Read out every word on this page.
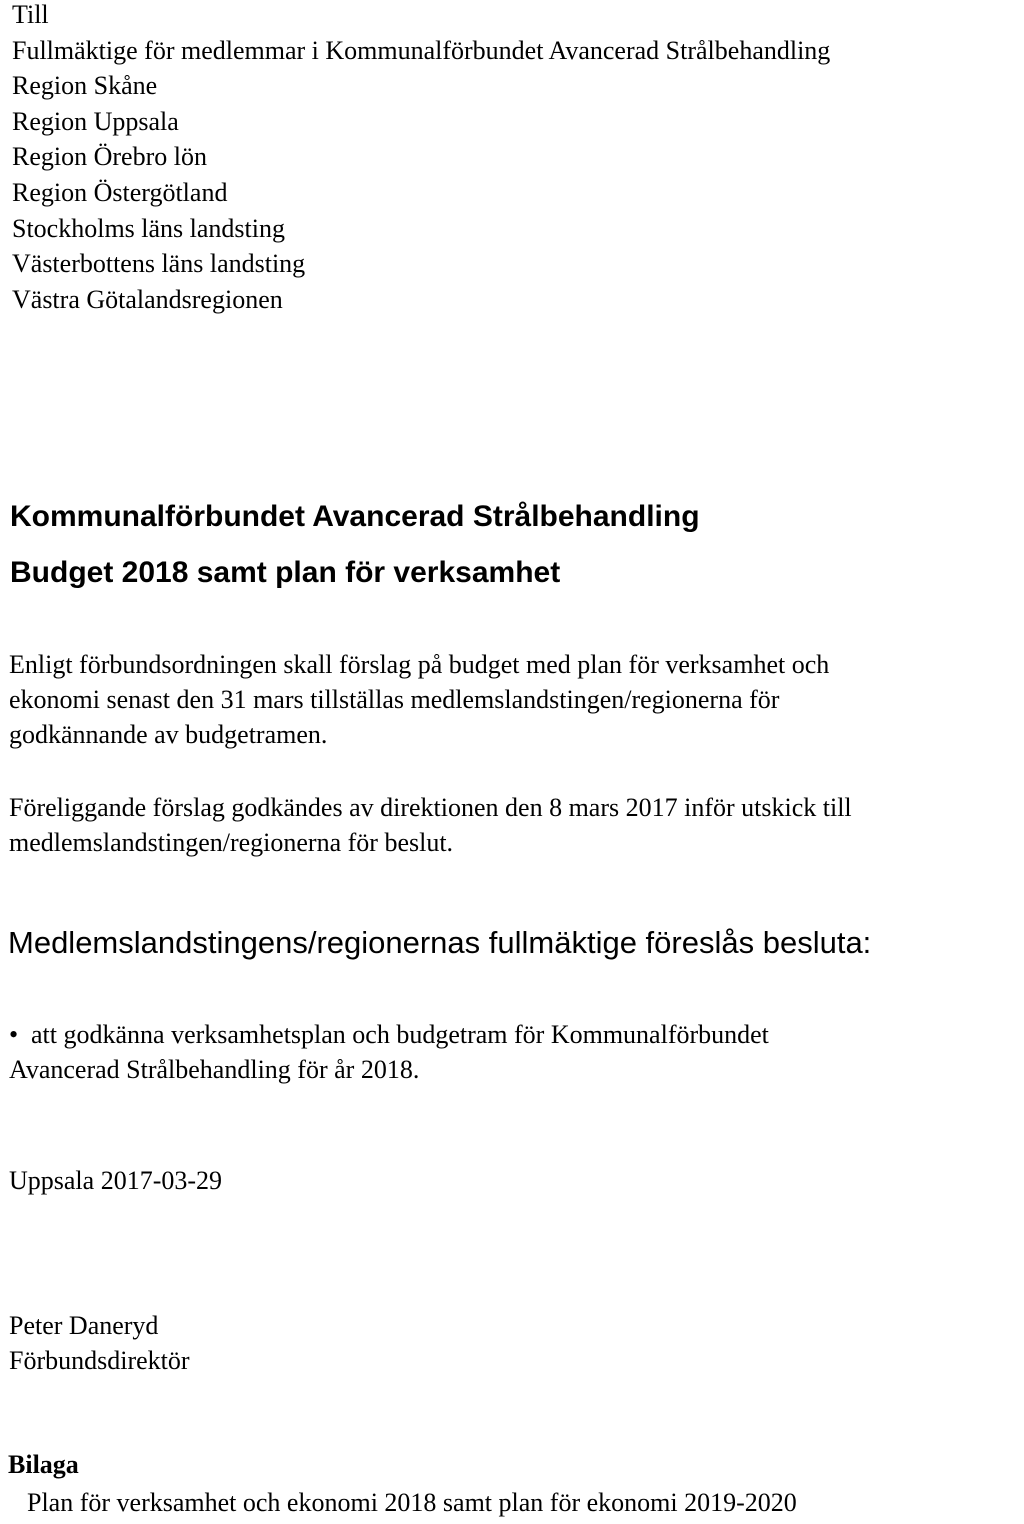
Till
Fullmäktige för medlemmar i Kommunalförbundet Avancerad Strålbehandling
Region Skåne
Region Uppsala
Region Örebro lön
Region Östergötland
Stockholms läns landsting
Västerbottens läns landsting
Västra Götalandsregionen
Kommunalförbundet Avancerad Strålbehandling
Budget 2018 samt plan för verksamhet
Enligt förbundsordningen skall förslag på budget med plan för verksamhet och
ekonomi senast den 31 mars tillställas medlemslandstingen/regionerna för
godkännande av budgetramen.
Föreliggande förslag godkändes av direktionen den 8 mars 2017 inför utskick till
medlemslandstingen/regionerna för beslut.
Medlemslandstingens/regionernas fullmäktige föreslås besluta:
• att godkänna verksamhetsplan och budgetram för Kommunalförbundet
Avancerad Strålbehandling för år 2018.
Uppsala 2017-03-29
Peter Daneryd
Förbundsdirektör
Bilaga
Plan för verksamhet och ekonomi 2018 samt plan för ekonomi 2019-2020
